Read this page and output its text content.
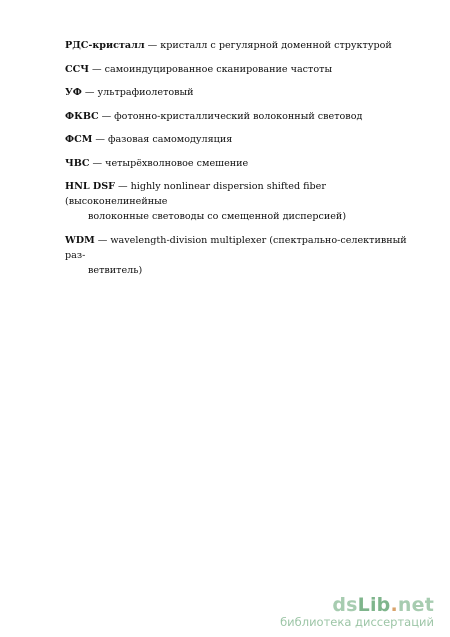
РДС-кристалл — кристалл с регулярной доменной структурой
ССЧ — самоиндуцированное сканирование частоты
УФ — ультрафиолетовый
ФКВС — фотонно-кристаллический волоконный световод
ФСМ — фазовая самомодуляция
ЧВС — четырёхволновое смешение
HNL DSF — highly nonlinear dispersion shifted fiber (высоконелинейные
волоконные световоды со смещенной дисперсией)
WDM — wavelength-division multiplexer (спектрально-селективный раз-
ветвитель)
dsLib.net
библиотека диссертаций
